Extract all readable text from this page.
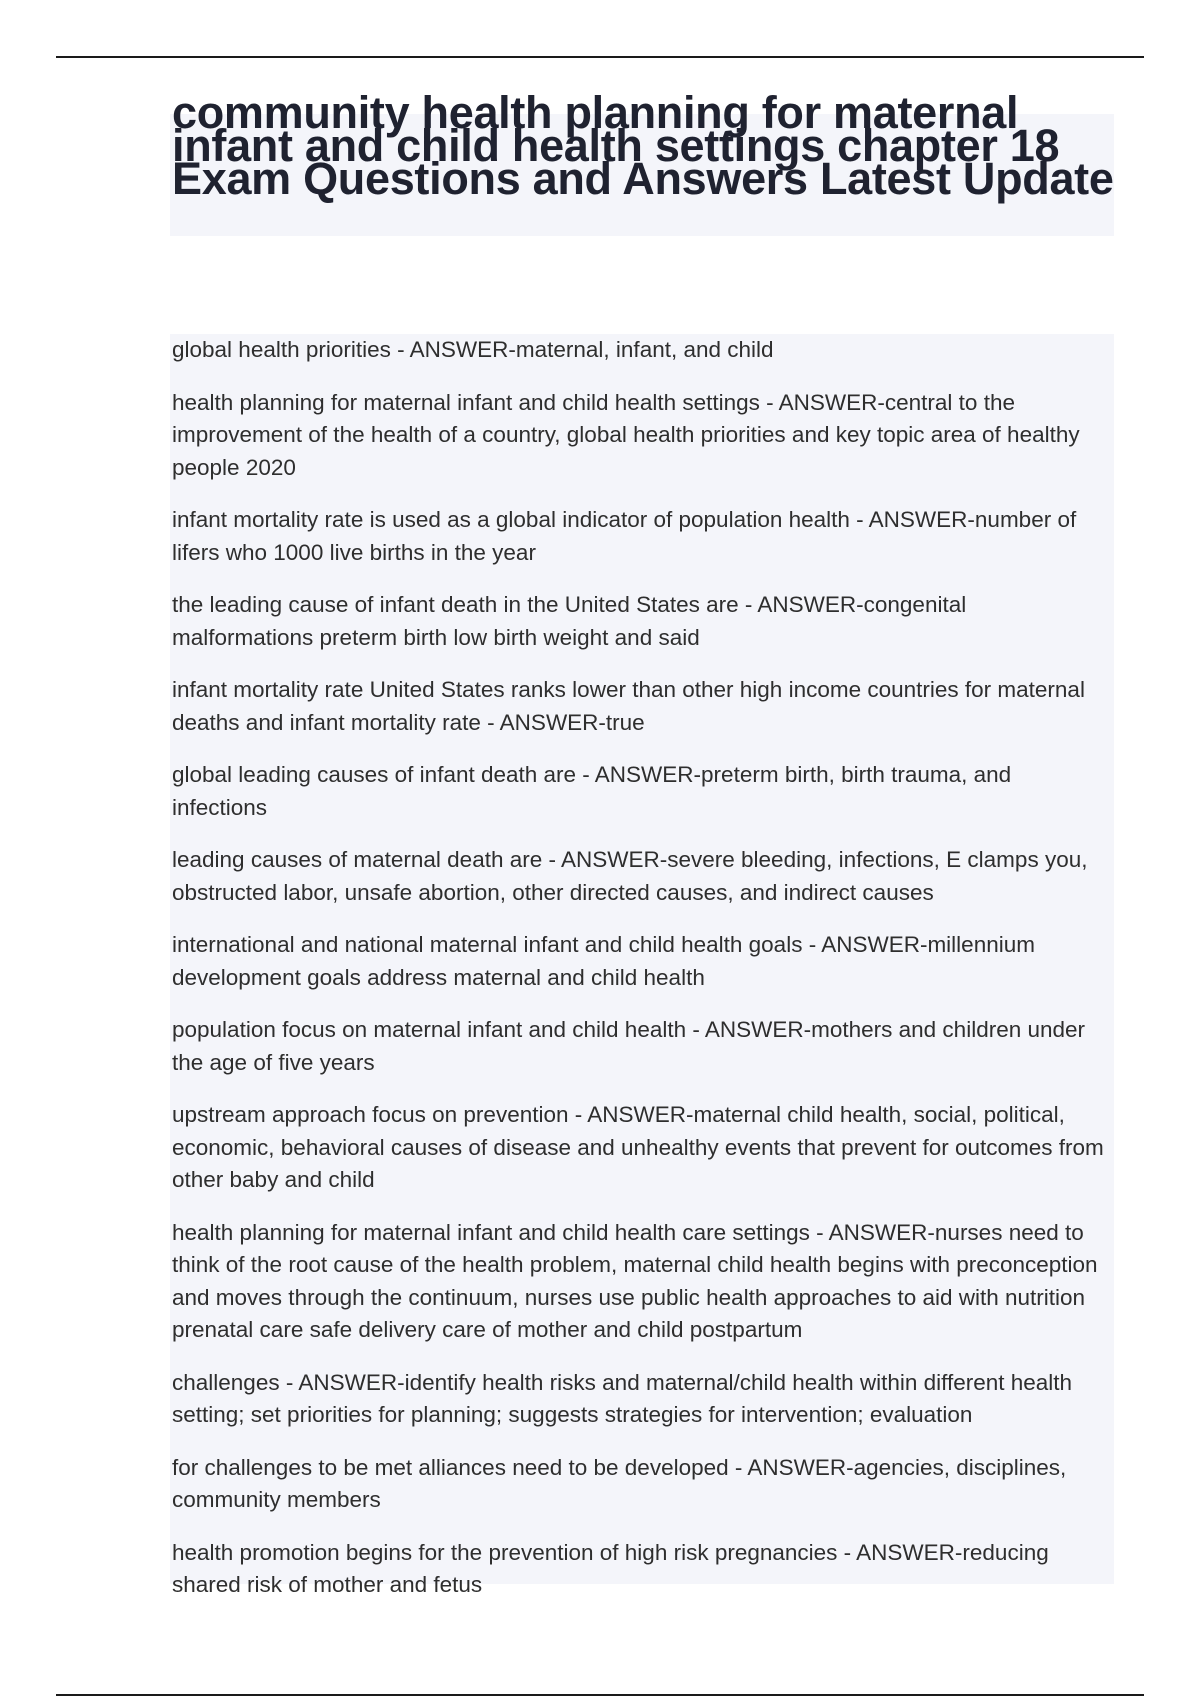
community health planning for maternal infant and child health settings chapter 18 Exam Questions and Answers Latest Update
global health priorities - ANSWER-maternal, infant, and child
health planning for maternal infant and child health settings - ANSWER-central to the improvement of the health of a country, global health priorities and key topic area of healthy people 2020
infant mortality rate is used as a global indicator of population health - ANSWER-number of lifers who 1000 live births in the year
the leading cause of infant death in the United States are - ANSWER-congenital malformations preterm birth low birth weight and said
infant mortality rate United States ranks lower than other high income countries for maternal deaths and infant mortality rate - ANSWER-true
global leading causes of infant death are - ANSWER-preterm birth, birth trauma, and infections
leading causes of maternal death are - ANSWER-severe bleeding, infections, E clamps you, obstructed labor, unsafe abortion, other directed causes, and indirect causes
international and national maternal infant and child health goals - ANSWER-millennium development goals address maternal and child health
population focus on maternal infant and child health - ANSWER-mothers and children under the age of five years
upstream approach focus on prevention - ANSWER-maternal child health, social, political, economic, behavioral causes of disease and unhealthy events that prevent for outcomes from other baby and child
health planning for maternal infant and child health care settings - ANSWER-nurses need to think of the root cause of the health problem, maternal child health begins with preconception and moves through the continuum, nurses use public health approaches to aid with nutrition prenatal care safe delivery care of mother and child postpartum
challenges - ANSWER-identify health risks and maternal/child health within different health setting; set priorities for planning; suggests strategies for intervention; evaluation
for challenges to be met alliances need to be developed - ANSWER-agencies, disciplines, community members
health promotion begins for the prevention of high risk pregnancies - ANSWER-reducing shared risk of mother and fetus
